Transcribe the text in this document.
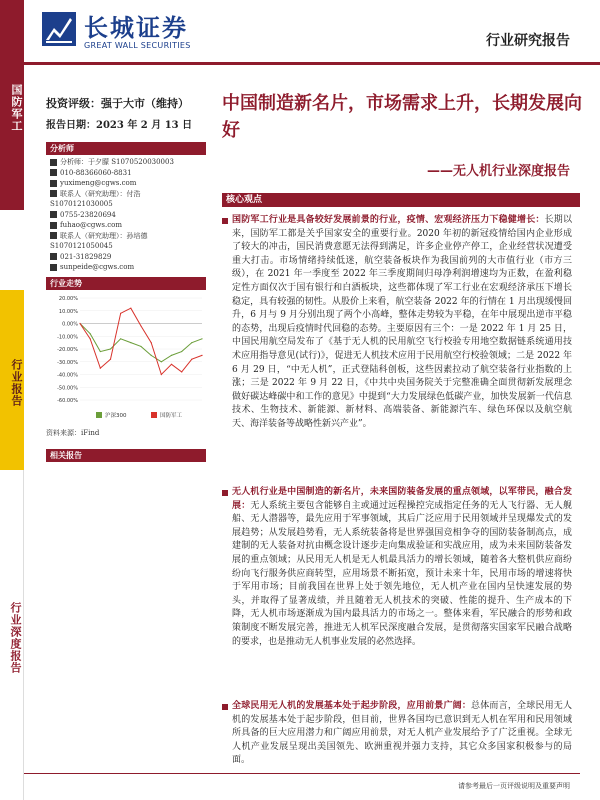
国防军工
行业报告
行业深度报告
长城证券
GREAT WALL SECURITIES	行业研究报告
投资评级：强于大市（维持）
报告日期：2023 年 2 月 13 日
中国制造新名片，市场需求上升，长期发展向好
——无人机行业深度报告
分析师
分析师：于夕朦 S1070520030003
010-88366060-8831
yuximeng@cgws.com
联系人（研究助理）：付浩
S1070121030005
0755-23820694
fuhao@cgws.com
联系人（研究助理）：孙培德
S1070121050045
021-31829829
sunpeide@cgws.com
行业走势
20.00%
10.00%
0.00%
-10.00%
-20.00%
-30.00%
-40.00%
-50.00%
-60.00%
沪深300	国防军工
资料来源：iFind
相关报告
核心观点
国防军工行业是具备较好发展前景的行业，疫情、宏观经济压力下稳健增长：长期以来，国防军工都是关乎国家安全的重要行业。2020 年初的新冠疫情给国内企业形成了较大的冲击，国民消费意愿无法得到满足，许多企业停产停工，企业经营状况遭受重大打击。市场情绪持续低迷，航空装备板块作为我国前列的大市值行业（市方三级），在 2021 年一季度至 2022 年三季度期间归母净利润增速均为正数，在盈利稳定性方面仅次于国有银行和白酒板块，这些都体现了军工行业在宏观经济承压下增长稳定，具有较强的韧性。从股价上来看，航空装备 2022 年的行情在 1 月出现缓慢回升，6 月与 9 月分别出现了两个小高峰，整体走势较为平稳，在年中展现出逆市平稳的态势，出现后疫情时代回稳的态势。主要原因有三个：一是 2022 年 1 月 25 日，中国民用航空局发布了《基于无人机的民用航空飞行校验专用地空数据链系统通用技术应用指导意见(试行)》，促进无人机技术应用于民用航空行校验领域；二是 2022 年 6 月 29 日，“中无人机”，正式登陆科创板，这些因素拉动了航空装备行业指数的上涨；三是 2022 年 9 月 22 日，《中共中央国务院关于完整准确全面贯彻新发展理念做好碳达峰碳中和工作的意见》中提到“大力发展绿色低碳产业，加快发展新一代信息技术、生物技术、新能源、新材料、高端装备、新能源汽车、绿色环保以及航空航天、海洋装备等战略性新兴产业”。
无人机行业是中国制造的新名片，未来国防装备发展的重点领域，以军带民，融合发展：无人系统主要包含能够自主或通过远程操控完成指定任务的无人飞行器、无人舰船、无人潜器等，最先应用于军事领域，其后广泛应用于民用领域并呈现爆发式的发展趋势；从发展趋势看，无人系统装备将是世界强国竞相争夺的国防装备制高点，成建制的无人装备对抗由概念设计逐步走向集成验证和实战应用，成为未来国防装备发展的重点领域；从民用无人机是无人机最具活力的增长领域，随着各大整机供应商纷纷向飞行服务供应商转型，应用场景不断拓宽，预计未来十年，民用市场的增速将快于军用市场；目前我国在世界上处于领先地位，无人机产业在国内呈快速发展的势头，并取得了显著成绩，并且随着无人机技术的突破、性能的提升、生产成本的下降，无人机市场逐渐成为国内最具活力的市场之一。整体来看，军民融合的形势和政策制度不断发展完善，推进无人机军民深度融合发展，是贯彻落实国家军民融合战略的要求，也是推动无人机事业发展的必然选择。
全球民用无人机的发展基本处于起步阶段，应用前景广阔：总体而言，全球民用无人机的发展基本处于起步阶段，但目前，世界各国均已意识到无人机在军用和民用领域所具备的巨大应用潜力和广阔应用前景，对无人机产业发展给予了广泛重视。全球无人机产业发展呈现出美国领先、欧洲重视并强力支持，其它众多国家积极参与的局面。
请参考最后一页评级说明及重要声明
